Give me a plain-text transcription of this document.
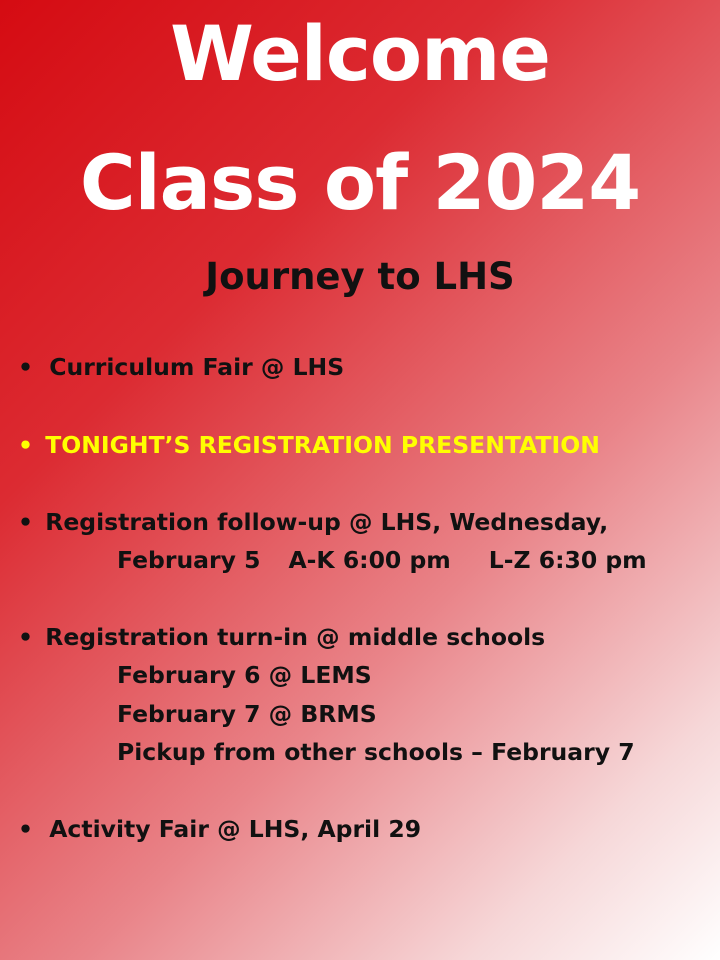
Welcome
Class of 2024
Journey to LHS
• Curriculum Fair @ LHS
• TONIGHT’S REGISTRATION PRESENTATION
• Registration follow-up @ LHS, Wednesday,
February 5 A-K 6:00 pm L-Z 6:30 pm
• Registration turn-in @ middle schools
February 6 @ LEMS
February 7 @ BRMS
Pickup from other schools – February 7
• Activity Fair @ LHS, April 29
